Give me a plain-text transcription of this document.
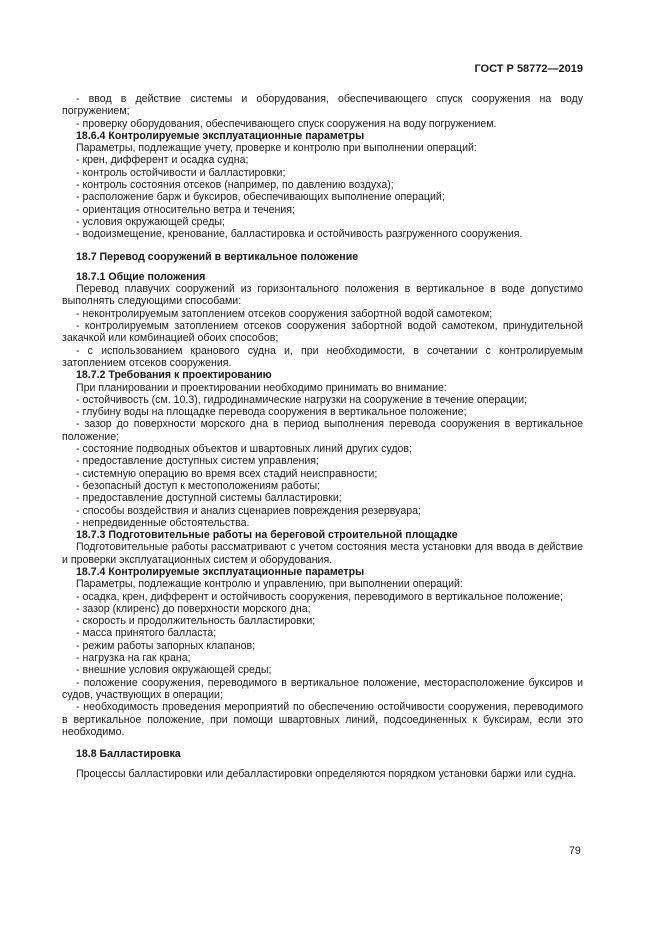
ГОСТ Р 58772—2019

- ввод в действие системы и оборудования, обеспечивающего спуск сооружения на воду погружением;

- проверку оборудования, обеспечивающего спуск сооружения на воду погружением.

18.6.4 Контролируемые эксплуатационные параметры

Параметры, подлежащие учету, проверке и контролю при выполнении операций:

- крен, дифферент и осадка судна;

- контроль остойчивости и балластировки;

- контроль состояния отсеков (например, по давлению воздуха);

- расположение барж и буксиров, обеспечивающих выполнение операций;

- ориентация относительно ветра и течения;

- условия окружающей среды;

- водоизмещение, кренование, балластировка и остойчивость разгруженного сооружения.

18.7 Перевод сооружений в вертикальное положение

18.7.1 Общие положения

Перевод плавучих сооружений из горизонтального положения в вертикальное в воде допустимо выполнять следующими способами:

- неконтролируемым затоплением отсеков сооружения забортной водой самотеком;

- контролируемым затоплением отсеков сооружения забортной водой самотеком, принудительной закачкой или комбинацией обоих способов;

- с использованием кранового судна и, при необходимости, в сочетании с контролируемым затоплением отсеков сооружения.

18.7.2 Требования к проектированию

При планировании и проектировании необходимо принимать во внимание:

- остойчивость (см. 10.3), гидродинамические нагрузки на сооружение в течение операции;

- глубину воды на площадке перевода сооружения в вертикальное положение;

- зазор до поверхности морского дна в период выполнения перевода сооружения в вертикальное положение;

- состояние подводных объектов и швартовных линий других судов;

- предоставление доступных систем управления;

- системную операцию во время всех стадий неисправности;

- безопасный доступ к местоположениям работы;

- предоставление доступной системы балластировки;

- способы воздействия и анализ сценариев повреждения резервуара;

- непредвиденные обстоятельства.

18.7.3 Подготовительные работы на береговой строительной площадке

Подготовительные работы рассматривают с учетом состояния места установки для ввода в действие и проверки эксплуатационных систем и оборудования.

18.7.4 Контролируемые эксплуатационные параметры

Параметры, подлежащие контролю и управлению, при выполнении операций:

- осадка, крен, дифферент и остойчивость сооружения, переводимого в вертикальное положение;

- зазор (клиренс) до поверхности морского дна;

- скорость и продолжительность балластировки;

- масса принятого балласта;

- режим работы запорных клапанов;

- нагрузка на гак крана;

- внешние условия окружающей среды;

- положение сооружения, переводимого в вертикальное положение, месторасположение буксиров и судов, участвующих в операции;

- необходимость проведения мероприятий по обеспечению остойчивости сооружения, переводимого в вертикальное положение, при помощи швартовных линий, подсоединенных к буксирам, если это необходимо.

18.8 Балластировка

Процессы балластировки или дебалластировки определяются порядком установки баржи или судна.

79
